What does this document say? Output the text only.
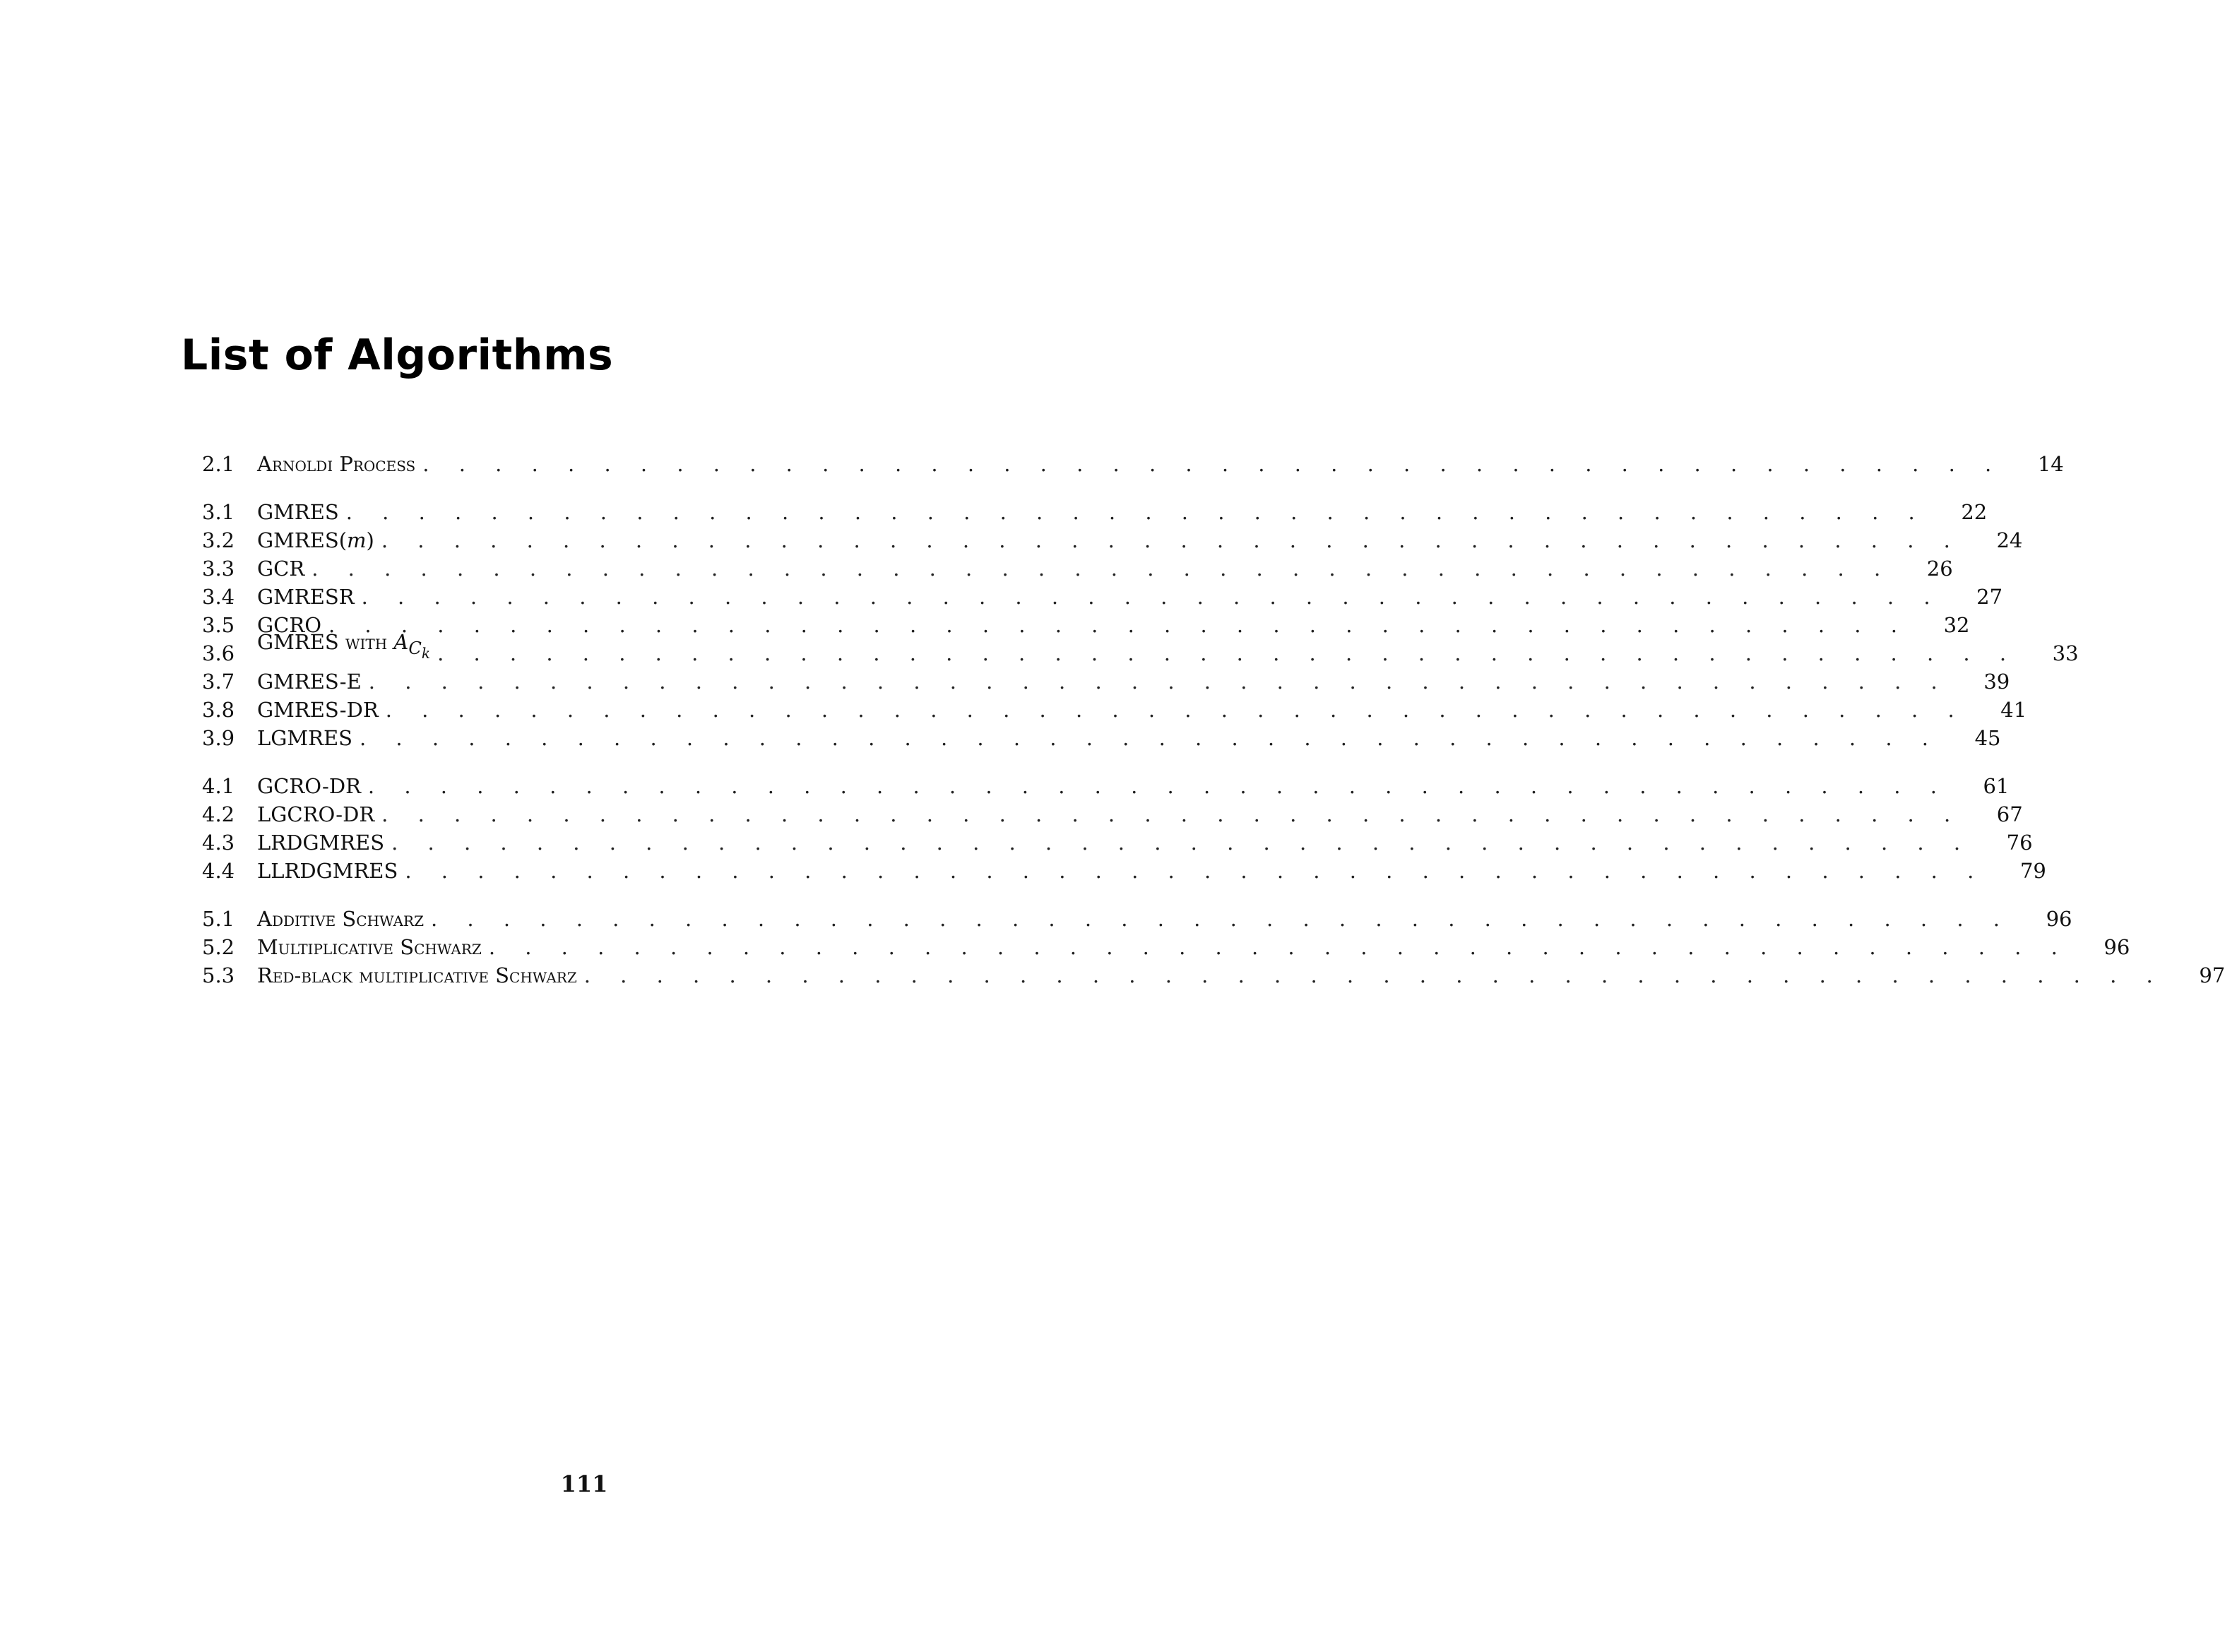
List of Algorithms
2.1	Arnoldi Process . . . . . . . . . . . . . . . . . . . . . . . . . . . . . . . . . . . . . . . . . . . .	14
3.1	GMRES . . . . . . . . . . . . . . . . . . . . . . . . . . . . . . . . . . . . . . . . . . . .	22
3.2	GMRES(m) . . . . . . . . . . . . . . . . . . . . . . . . . . . . . . . . . . . . . . . . . . . .	24
3.3	GCR . . . . . . . . . . . . . . . . . . . . . . . . . . . . . . . . . . . . . . . . . . . .	26
3.4	GMRESR . . . . . . . . . . . . . . . . . . . . . . . . . . . . . . . . . . . . . . . . . . . .	27
3.5	GCRO . . . . . . . . . . . . . . . . . . . . . . . . . . . . . . . . . . . . . . . . . . . .	32
3.6	GMRES with $A_{C_k}$ . . . . . . . . . . . . . . . . . . . . . . . . . . . . . . . . . . . . . . . . . . . .	33
3.7	GMRES-E . . . . . . . . . . . . . . . . . . . . . . . . . . . . . . . . . . . . . . . . . . . .	39
3.8	GMRES-DR . . . . . . . . . . . . . . . . . . . . . . . . . . . . . . . . . . . . . . . . . . . .	41
3.9	LGMRES . . . . . . . . . . . . . . . . . . . . . . . . . . . . . . . . . . . . . . . . . . . .	45
4.1	GCRO-DR . . . . . . . . . . . . . . . . . . . . . . . . . . . . . . . . . . . . . . . . . . . .	61
4.2	LGCRO-DR . . . . . . . . . . . . . . . . . . . . . . . . . . . . . . . . . . . . . . . . . . . .	67
4.3	LRDGMRES . . . . . . . . . . . . . . . . . . . . . . . . . . . . . . . . . . . . . . . . . . . .	76
4.4	LLRDGMRES . . . . . . . . . . . . . . . . . . . . . . . . . . . . . . . . . . . . . . . . . . . .	79
5.1	Additive Schwarz . . . . . . . . . . . . . . . . . . . . . . . . . . . . . . . . . . . . . . . . . . . .	96
5.2	Multiplicative Schwarz . . . . . . . . . . . . . . . . . . . . . . . . . . . . . . . . . . . . . . . . . . . .	96
5.3	Red-black multiplicative Schwarz . . . . . . . . . . . . . . . . . . . . . . . . . . . . . . . . . . . . . . . . . . . .	97
111
